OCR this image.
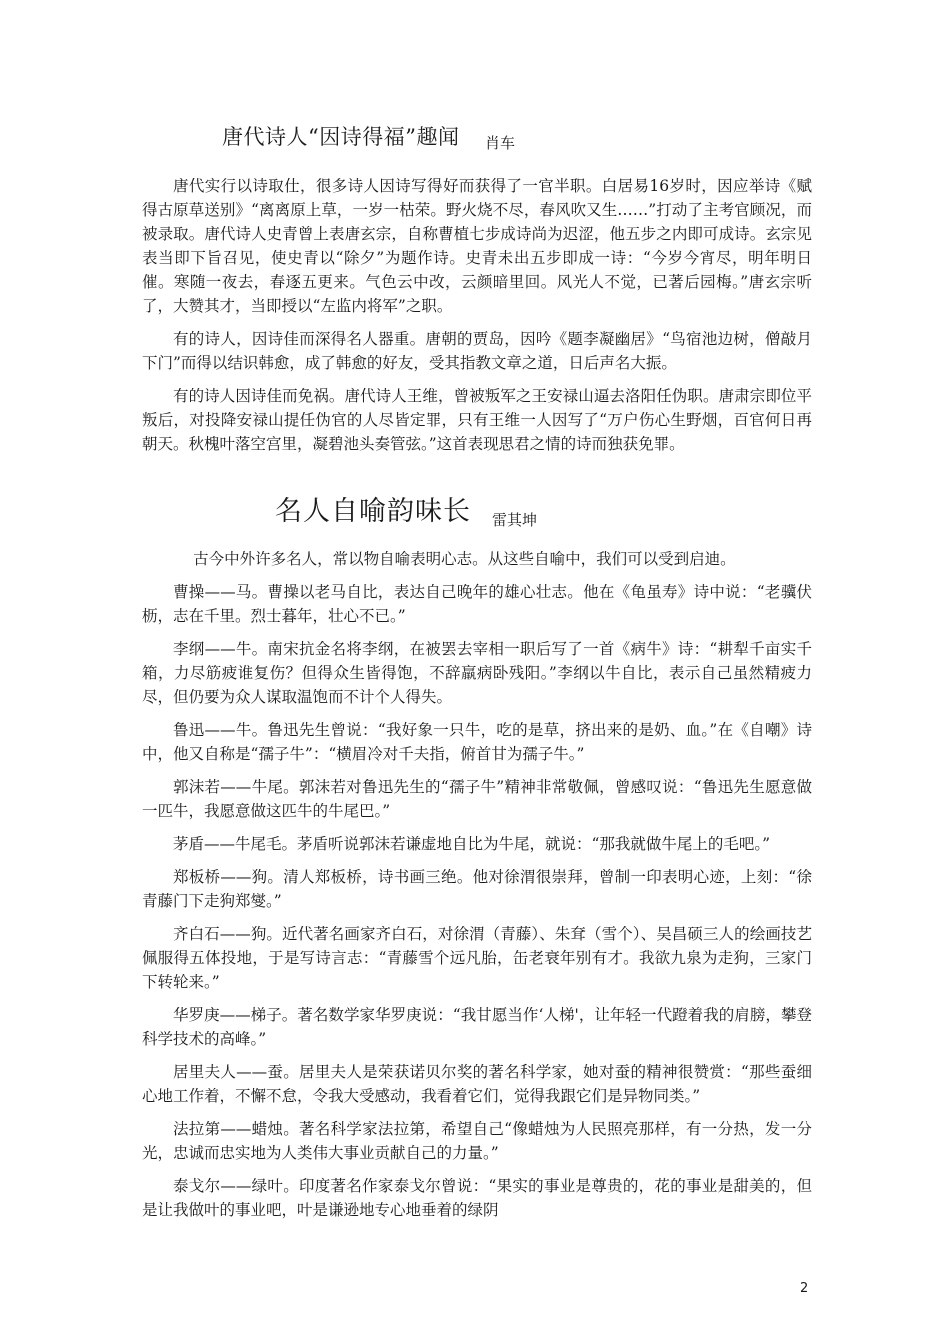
唐代诗人“因诗得福”趣闻 肖车

唐代实行以诗取仕，很多诗人因诗写得好而获得了一官半职。白居易16岁时，因应举诗《赋得古原草送别》“离离原上草，一岁一枯荣。野火烧不尽，春风吹又生……”打动了主考官顾况，而被录取。唐代诗人史青曾上表唐玄宗，自称曹植七步成诗尚为迟涩，他五步之内即可成诗。玄宗见表当即下旨召见，使史青以“除夕”为题作诗。史青未出五步即成一诗：“今岁今宵尽，明年明日催。寒随一夜去，春逐五更来。气色云中改，云颜暗里回。风光人不觉，已著后园梅。”唐玄宗听了，大赞其才，当即授以“左监内将军”之职。

有的诗人，因诗佳而深得名人器重。唐朝的贾岛，因吟《题李凝幽居》“鸟宿池边树，僧敲月下门”而得以结识韩愈，成了韩愈的好友，受其指教文章之道，日后声名大振。

有的诗人因诗佳而免祸。唐代诗人王维，曾被叛军之王安禄山逼去洛阳任伪职。唐肃宗即位平叛后，对投降安禄山提任伪官的人尽皆定罪，只有王维一人因写了“万户伤心生野烟，百官何日再朝天。秋槐叶落空宫里，凝碧池头奏管弦。”这首表现思君之情的诗而独获免罪。

名人自喻韵味长 雷其坤

古今中外许多名人，常以物自喻表明心志。从这些自喻中，我们可以受到启迪。

曹操——马。曹操以老马自比，表达自己晚年的雄心壮志。他在《龟虽寿》诗中说：“老骥伏枥，志在千里。烈士暮年，壮心不已。”

李纲——牛。南宋抗金名将李纲，在被罢去宰相一职后写了一首《病牛》诗：“耕犁千亩实千箱，力尽筋疲谁复伤？但得众生皆得饱，不辞羸病卧残阳。”李纲以牛自比，表示自己虽然精疲力尽，但仍要为众人谋取温饱而不计个人得失。

鲁迅——牛。鲁迅先生曾说：“我好象一只牛，吃的是草，挤出来的是奶、血。”在《自嘲》诗中，他又自称是“孺子牛”：“横眉冷对千夫指，俯首甘为孺子牛。”

郭沫若——牛尾。郭沫若对鲁迅先生的“孺子牛”精神非常敬佩，曾感叹说：“鲁迅先生愿意做一匹牛，我愿意做这匹牛的牛尾巴。”

茅盾——牛尾毛。茅盾听说郭沫若谦虚地自比为牛尾，就说：“那我就做牛尾上的毛吧。”

郑板桥——狗。清人郑板桥，诗书画三绝。他对徐渭很崇拜，曾制一印表明心迹，上刻：“徐青藤门下走狗郑燮。”

齐白石——狗。近代著名画家齐白石，对徐渭（青藤）、朱耷（雪个）、吴昌硕三人的绘画技艺佩服得五体投地，于是写诗言志：“青藤雪个远凡胎，缶老衰年别有才。我欲九泉为走狗，三家门下转轮来。”

华罗庚——梯子。著名数学家华罗庚说：“我甘愿当作‘人梯'，让年轻一代蹬着我的肩膀，攀登科学技术的高峰。”

居里夫人——蚕。居里夫人是荣获诺贝尔奖的著名科学家，她对蚕的精神很赞赏：“那些蚕细心地工作着，不懈不怠，令我大受感动，我看着它们，觉得我跟它们是异物同类。”

法拉第——蜡烛。著名科学家法拉第，希望自己“像蜡烛为人民照亮那样，有一分热，发一分光，忠诚而忠实地为人类伟大事业贡献自己的力量。”

泰戈尔——绿叶。印度著名作家泰戈尔曾说：“果实的事业是尊贵的，花的事业是甜美的，但是让我做叶的事业吧，叶是谦逊地专心地垂着的绿阴

2
